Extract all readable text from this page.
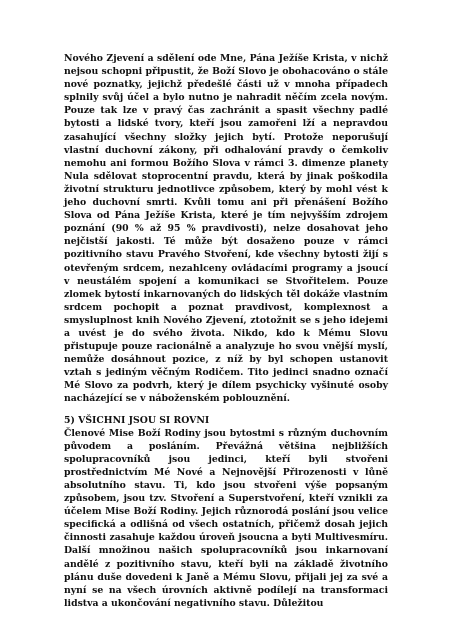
Nového Zjevení a sdělení ode Mne, Pána Ježíše Krista, v nichž nejsou schopni připustit, že Boží Slovo je obohacováno o stále nové poznatky, jejichž předešlé části už v mnoha případech splnily svůj účel a bylo nutno je nahradit něčím zcela novým. Pouze tak lze v pravý čas zachránit a spasit všechny padlé bytosti a lidské tvory, kteří jsou zamořeni lží a nepravdou zasahující všechny složky jejich bytí. Protože neporušují vlastní duchovní zákony, při odhalování pravdy o čemkoliv nemohu ani formou Božího Slova v rámci 3. dimenze planety Nula sdělovat stoprocentní pravdu, která by jinak poškodila životní strukturu jednotlivce způsobem, který by mohl vést k jeho duchovní smrti. Kvůli tomu ani při přenášení Božího Slova od Pána Ježíše Krista, které je tím nejvyšším zdrojem poznání (90 % až 95 % pravdivosti), nelze dosahovat jeho nejčistší jakosti. Té může být dosaženo pouze v rámci pozitivního stavu Pravého Stvoření, kde všechny bytosti žijí s otevřeným srdcem, nezahlceny ovládacími programy a jsoucí v neustálém spojení a komunikaci se Stvořitelem. Pouze zlomek bytostí inkarnovaných do lidských těl dokáže vlastním srdcem pochopit a poznat pravdivost, komplexnost a smysluplnost knih Nového Zjevení, ztotožnit se s jeho idejemi a uvést je do svého života. Nikdo, kdo k Mému Slovu přistupuje pouze racionálně a analyzuje ho svou vnější myslí, nemůže dosáhnout pozice, z níž by byl schopen ustanovit vztah s jediným věčným Rodičem. Tito jedinci snadno označí Mé Slovo za podvrh, který je dílem psychicky vyšinuté osoby nacházející se v náboženském poblouznění.

5) VŠICHNI JSOU SI ROVNI

Členové Mise Boží Rodiny jsou bytostmi s různým duchovním původem a posláním. Převážná většina nejbližších spolupracovníků jsou jedinci, kteří byli stvořeni prostřednictvím Mé Nové a Nejnovější Přirozenosti v lůně absolutního stavu. Ti, kdo jsou stvořeni výše popsaným způsobem, jsou tzv. Stvoření a Superstvoření, kteří vznikli za účelem Mise Boží Rodiny. Jejich různorodá poslání jsou velice specifická a odlišná od všech ostatních, přičemž dosah jejich činnosti zasahuje každou úroveň jsoucna a byti Multivesmíru. Další množinou našich spolupracovníků jsou inkarnovaní andělé z pozitivního stavu, kteří byli na základě životního plánu duše dovedeni k Janě a Mému Slovu, přijali jej za své a nyní se na všech úrovních aktivně podílejí na transformaci lidstva a ukončování negativního stavu. Důležitou
